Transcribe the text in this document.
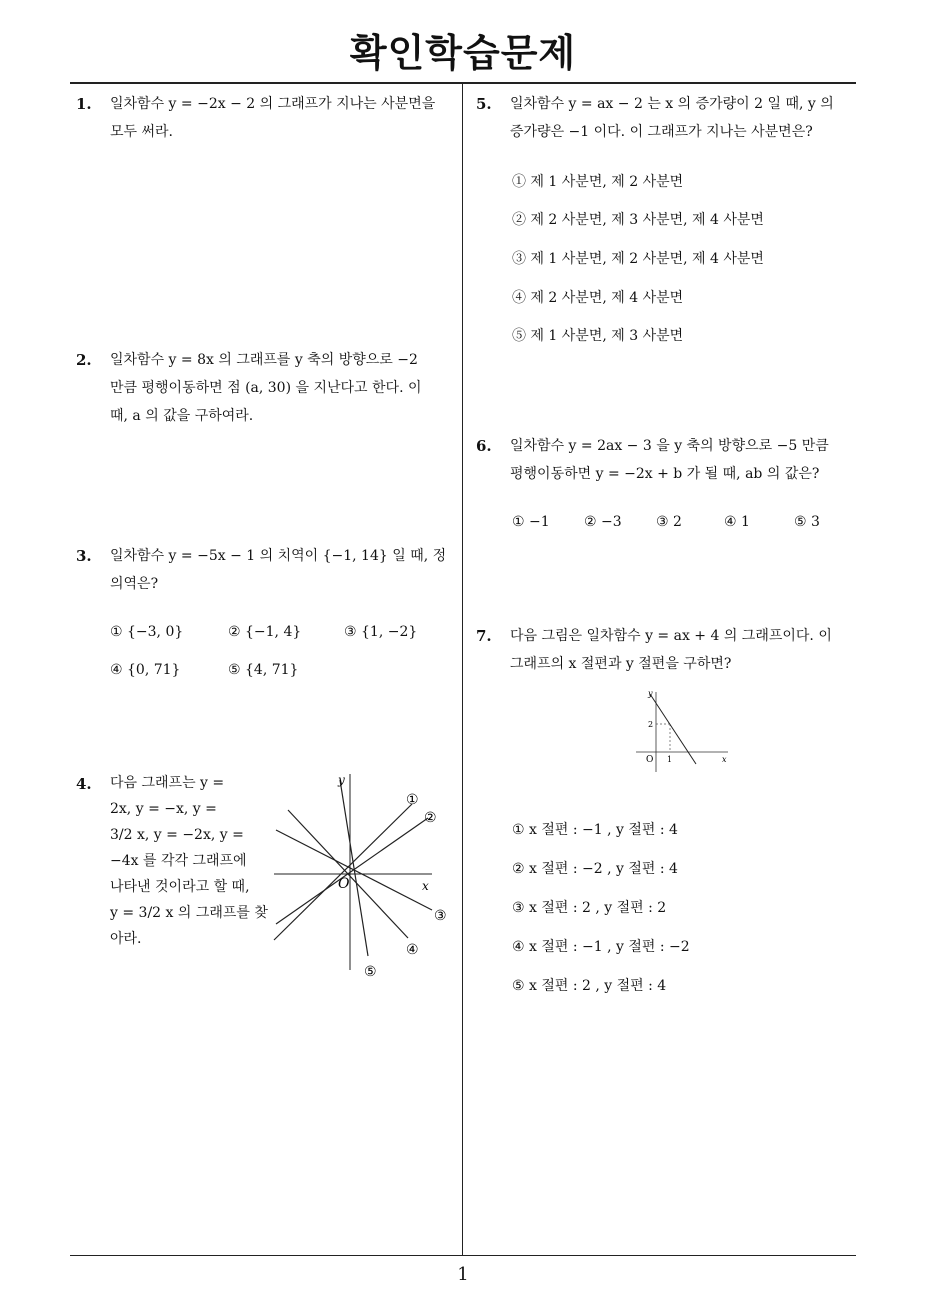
확인학습문제
1. 일차함수 y = −2x − 2 의 그래프가 지나는 사분면을
모두 써라.
2. 일차함수 y = 8x 의 그래프를 y 축의 방향으로 −2
만큼 평행이동하면 점 (a, 30) 을 지난다고 한다. 이
때, a 의 값을 구하여라.
3. 일차함수 y = −5x − 1 의 치역이 {−1, 14} 일 때, 정
의역은?
① {−3, 0}	② {−1, 4}	③ {1, −2}
④ {0, 71}	⑤ {4, 71}
4. 다음 그래프는 y =
2x, y = −x, y =
3/2 x, y = −2x, y =
−4x 를 각각 그래프에
나타낸 것이라고 할 때,
y = 3/2 x 의 그래프를 찾
아라.
y
x
O
①
②
③
④
⑤
5. 일차함수 y = ax − 2 는 x 의 증가량이 2 일 때, y 의
증가량은 −1 이다. 이 그래프가 지나는 사분면은?
① 제 1 사분면, 제 2 사분면
② 제 2 사분면, 제 3 사분면, 제 4 사분면
③ 제 1 사분면, 제 2 사분면, 제 4 사분면
④ 제 2 사분면, 제 4 사분면
⑤ 제 1 사분면, 제 3 사분면
6. 일차함수 y = 2ax − 3 을 y 축의 방향으로 −5 만큼
평행이동하면 y = −2x + b 가 될 때, ab 의 값은?
① −1 ② −3 ③ 2	④ 1	⑤ 3
7. 다음 그림은 일차함수 y = ax + 4 의 그래프이다. 이
그래프의 x 절편과 y 절편을 구하면?
y
x
O 1
2
① x 절편 : −1 , y 절편 : 4
② x 절편 : −2 , y 절편 : 4
③ x 절편 : 2 , y 절편 : 2
④ x 절편 : −1 , y 절편 : −2
⑤ x 절편 : 2 , y 절편 : 4
1
